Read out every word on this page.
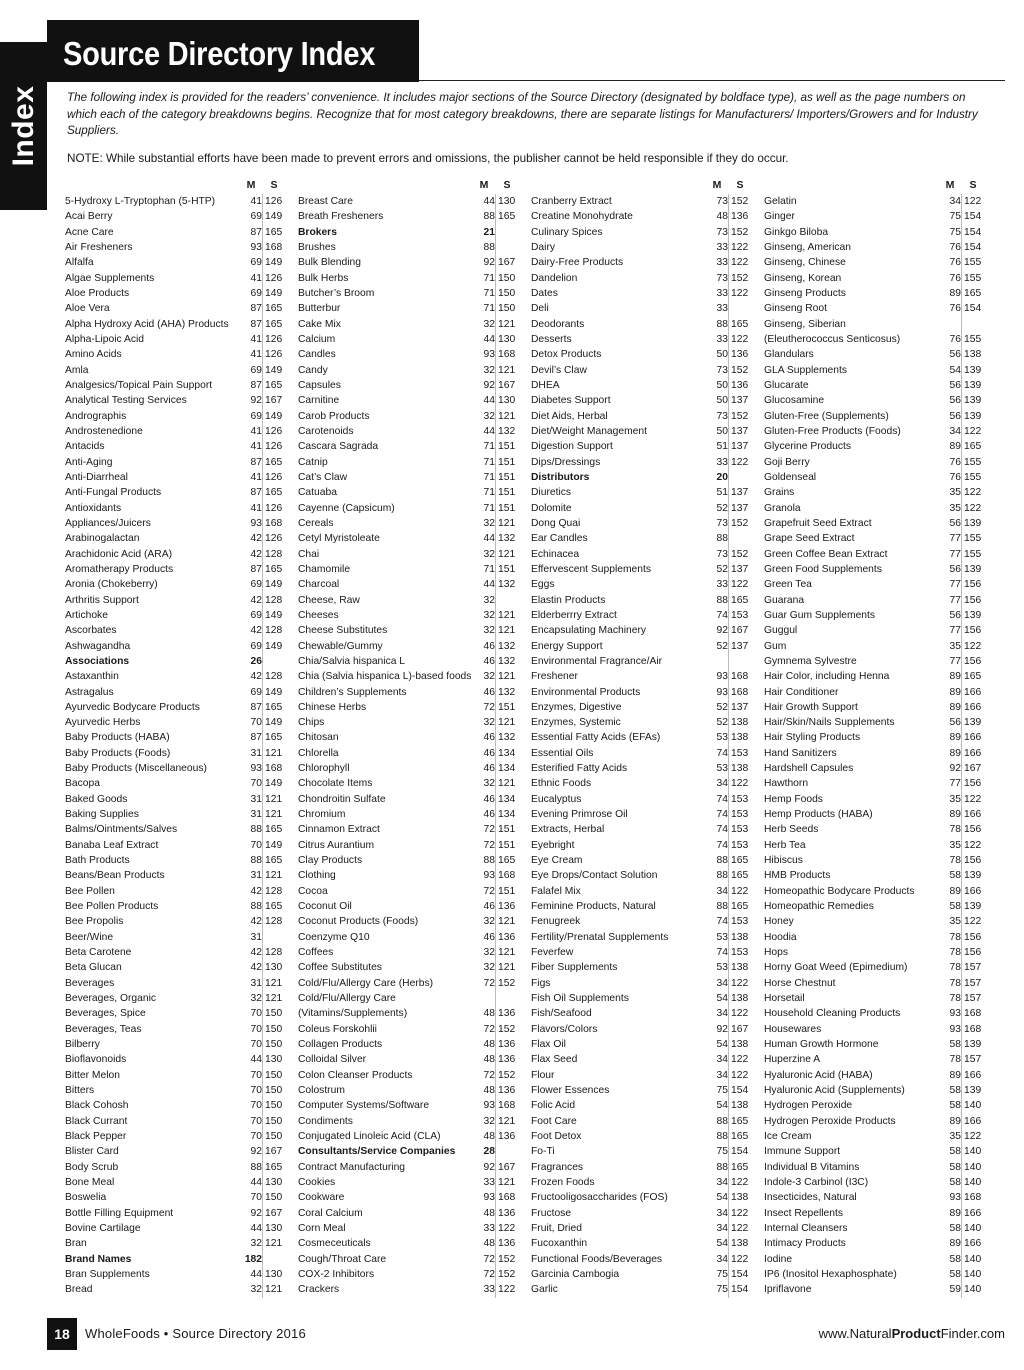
Index
Source Directory Index

The following index is provided for the readers’ convenience. It includes major sections of the Source Directory (designated by boldface type), as well as the page numbers on which each of the category breakdowns begins. Recognize that for most category breakdowns, there are separate listings for Manufacturers/ Importers/Growers and for Industry Suppliers.

NOTE: While substantial efforts have been made to prevent errors and omissions, the publisher cannot be held responsible if they do occur.

M	S
5-Hydroxy L-Tryptophan (5-HTP)	41 126
Acai Berry	69 149
Acne Care	87 165
Air Fresheners	93 168
Alfalfa	69 149
Algae Supplements	41 126
Aloe Products	69 149
Aloe Vera	87 165
Alpha Hydroxy Acid (AHA) Products	87 165
Alpha-Lipoic Acid	41 126
Amino Acids	41 126
Amla	69 149
Analgesics/Topical Pain Support	87 165
Analytical Testing Services	92 167
Andrographis	69 149
Androstenedione	41 126
Antacids	41 126
Anti-Aging	87 165
Anti-Diarrheal	41 126
Anti-Fungal Products	87 165
Antioxidants	41 126
Appliances/Juicers	93 168
Arabinogalactan	42 126
Arachidonic Acid (ARA)	42 128
Aromatherapy Products	87 165
Aronia (Chokeberry)	69 149
Arthritis Support	42 128
Artichoke	69 149
Ascorbates	42 128
Ashwagandha	69 149
Associations	26
Astaxanthin	42 128
Astragalus	69 149
Ayurvedic Bodycare Products	87 165
Ayurvedic Herbs	70 149
Baby Products (HABA)	87 165
Baby Products (Foods)	31 121
Baby Products (Miscellaneous)	93 168
Bacopa	70 149
Baked Goods	31 121
Baking Supplies	31 121
Balms/Ointments/Salves	88 165
Banaba Leaf Extract	70 149
Bath Products	88 165
Beans/Bean Products	31 121
Bee Pollen	42 128
Bee Pollen Products	88 165
Bee Propolis	42 128
Beer/Wine	31
Beta Carotene	42 128
Beta Glucan	42 130
Beverages	31 121
Beverages, Organic	32 121
Beverages, Spice	70 150
Beverages, Teas	70 150
Bilberry	70 150
Bioflavonoids	44 130
Bitter Melon	70 150
Bitters	70 150
Black Cohosh	70 150
Black Currant	70 150
Black Pepper	70 150
Blister Card	92 167
Body Scrub	88 165
Bone Meal	44 130
Boswelia	70 150
Bottle Filling Equipment	92 167
Bovine Cartilage	44 130
Bran	32 121
Brand Names	182
Bran Supplements	44 130
Bread	32 121
M	S
Breast Care	44 130
Breath Fresheners	88 165
Brokers	21
Brushes	88
Bulk Blending	92 167
Bulk Herbs	71 150
Butcher’s Broom	71 150
Butterbur	71 150
Cake Mix	32 121
Calcium	44 130
Candles	93 168
Candy	32 121
Capsules	92 167
Carnitine	44 130
Carob Products	32 121
Carotenoids	44 132
Cascara Sagrada	71 151
Catnip	71 151
Cat’s Claw	71 151
Catuaba	71 151
Cayenne (Capsicum)	71 151
Cereals	32 121
Cetyl Myristoleate	44 132
Chai	32 121
Chamomile	71 151
Charcoal	44 132
Cheese, Raw	32
Cheeses	32 121
Cheese Substitutes	32 121
Chewable/Gummy	46 132
Chia/Salvia hispanica L	46 132
Chia (Salvia hispanica L)-based foods	32 121
Children’s Supplements	46 132
Chinese Herbs	72 151
Chips	32 121
Chitosan	46 132
Chlorella	46 134
Chlorophyll	46 134
Chocolate Items	32 121
Chondroitin Sulfate	46 134
Chromium	46 134
Cinnamon Extract	72 151
Citrus Aurantium	72 151
Clay Products	88 165
Clothing	93 168
Cocoa	72 151
Coconut Oil	46 136
Coconut Products (Foods)	32 121
Coenzyme Q10	46 136
Coffees	32 121
Coffee Substitutes	32 121
Cold/Flu/Allergy Care (Herbs)	72 152
Cold/Flu/Allergy Care
(Vitamins/Supplements)	48 136
Coleus Forskohlii	72 152
Collagen Products	48 136
Colloidal Silver	48 136
Colon Cleanser Products	72 152
Colostrum	48 136
Computer Systems/Software	93 168
Condiments	32 121
Conjugated Linoleic Acid (CLA)	48 136
Consultants/Service Companies	28
Contract Manufacturing	92 167
Cookies	33 121
Cookware	93 168
Coral Calcium	48 136
Corn Meal	33 122
Cosmeceuticals	48 136
Cough/Throat Care	72 152
COX-2 Inhibitors	72 152
Crackers	33 122
M	S
Cranberry Extract	73 152
Creatine Monohydrate	48 136
Culinary Spices	73 152
Dairy	33 122
Dairy-Free Products	33 122
Dandelion	73 152
Dates	33 122
Deli	33
Deodorants	88 165
Desserts	33 122
Detox Products	50 136
Devil’s Claw	73 152
DHEA	50 136
Diabetes Support	50 137
Diet Aids, Herbal	73 152
Diet/Weight Management	50 137
Digestion Support	51 137
Dips/Dressings	33 122
Distributors	20
Diuretics	51 137
Dolomite	52 137
Dong Quai	73 152
Ear Candles	88
Echinacea	73 152
Effervescent Supplements	52 137
Eggs	33 122
Elastin Products	88 165
Elderberrry Extract	74 153
Encapsulating Machinery	92 167
Energy Support	52 137
Environmental Fragrance/Air
Freshener	93 168
Environmental Products	93 168
Enzymes, Digestive	52 137
Enzymes, Systemic	52 138
Essential Fatty Acids (EFAs)	53 138
Essential Oils	74 153
Esterified Fatty Acids	53 138
Ethnic Foods	34 122
Eucalyptus	74 153
Evening Primrose Oil	74 153
Extracts, Herbal	74 153
Eyebright	74 153
Eye Cream	88 165
Eye Drops/Contact Solution	88 165
Falafel Mix	34 122
Feminine Products, Natural	88 165
Fenugreek	74 153
Fertility/Prenatal Supplements	53 138
Feverfew	74 153
Fiber Supplements	53 138
Figs	34 122
Fish Oil Supplements	54 138
Fish/Seafood	34 122
Flavors/Colors	92 167
Flax Oil	54 138
Flax Seed	34 122
Flour	34 122
Flower Essences	75 154
Folic Acid	54 138
Foot Care	88 165
Foot Detox	88 165
Fo-Ti	75 154
Fragrances	88 165
Frozen Foods	34 122
Fructooligosaccharides (FOS)	54 138
Fructose	34 122
Fruit, Dried	34 122
Fucoxanthin	54 138
Functional Foods/Beverages	34 122
Garcinia Cambogia	75 154
Garlic	75 154
M	S
Gelatin	34 122
Ginger	75 154
Ginkgo Biloba	75 154
Ginseng, American	76 154
Ginseng, Chinese	76 155
Ginseng, Korean	76 155
Ginseng Products	89 165
Ginseng Root	76 154
Ginseng, Siberian
(Eleutherococcus Senticosus)	76 155
Glandulars	56 138
GLA Supplements	54 139
Glucarate	56 139
Glucosamine	56 139
Gluten-Free (Supplements)	56 139
Gluten-Free Products (Foods)	34 122
Glycerine Products	89 165
Goji Berry	76 155
Goldenseal	76 155
Grains	35 122
Granola	35 122
Grapefruit Seed Extract	56 139
Grape Seed Extract	77 155
Green Coffee Bean Extract	77 155
Green Food Supplements	56 139
Green Tea	77 156
Guarana	77 156
Guar Gum Supplements	56 139
Guggul	77 156
Gum	35 122
Gymnema Sylvestre	77 156
Hair Color, including Henna	89 165
Hair Conditioner	89 166
Hair Growth Support	89 166
Hair/Skin/Nails Supplements	56 139
Hair Styling Products	89 166
Hand Sanitizers	89 166
Hardshell Capsules	92 167
Hawthorn	77 156
Hemp Foods	35 122
Hemp Products (HABA)	89 166
Herb Seeds	78 156
Herb Tea	35 122
Hibiscus	78 156
HMB Products	58 139
Homeopathic Bodycare Products	89 166
Homeopathic Remedies	58 139
Honey	35 122
Hoodia	78 156
Hops	78 156
Horny Goat Weed (Epimedium)	78 157
Horse Chestnut	78 157
Horsetail	78 157
Household Cleaning Products	93 168
Housewares	93 168
Human Growth Hormone	58 139
Huperzine A	78 157
Hyaluronic Acid (HABA)	89 166
Hyaluronic Acid (Supplements)	58 139
Hydrogen Peroxide	58 140
Hydrogen Peroxide Products	89 166
Ice Cream	35 122
Immune Support	58 140
Individual B Vitamins	58 140
Indole-3 Carbinol (I3C)	58 140
Insecticides, Natural	93 168
Insect Repellents	89 166
Internal Cleansers	58 140
Intimacy Products	89 166
Iodine	58 140
IP6 (Inositol Hexaphosphate)	58 140
Ipriflavone	59 140
18	WholeFoods • Source Directory 2016	www.NaturalProductFinder.com
